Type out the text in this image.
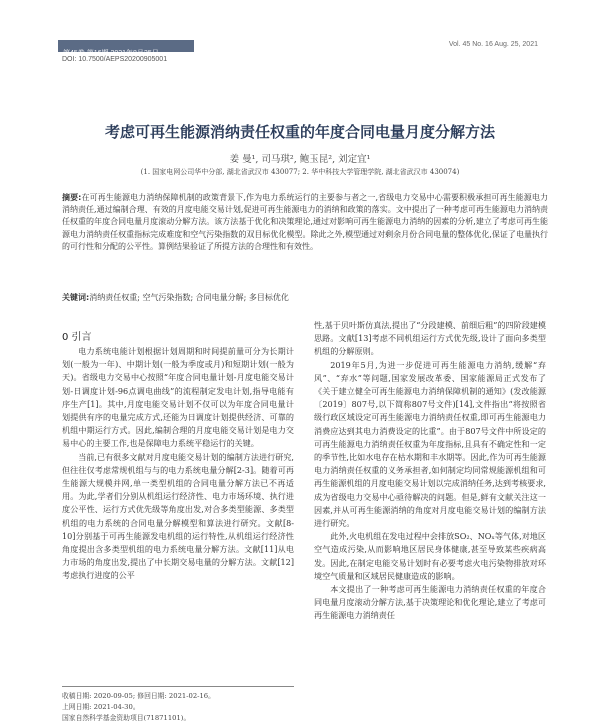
第45卷 第16期 2021年8月25日
Vol. 45 No. 16 Aug. 25, 2021
DOI: 10.7500/AEPS20200905001
考虑可再生能源消纳责任权重的年度合同电量月度分解方法
姜 曼¹, 司马琪², 鲍玉昆², 刘定宜¹
(1. 国家电网公司华中分部, 湖北省武汉市 430077; 2. 华中科技大学管理学院, 湖北省武汉市 430074)
摘要:在可再生能源电力消纳保障机制的政策背景下,作为电力系统运行的主要参与者之一,省级电力交易中心需要积极承担可再生能源电力消纳责任,通过编制合理、有效的月度电能交易计划,促进可再生能源电力的消纳和政策的落实。文中提出了一种考虑可再生能源电力消纳责任权重的年度合同电量月度滚动分解方法。该方法基于优化和决策理论,通过对影响可再生能源电力消纳的因素的分析,建立了考虑可再生能源电力消纳责任权重指标完成难度和空气污染指数的双目标优化模型。除此之外,模型通过对剩余月份合同电量的整体优化,保证了电量执行的可行性和分配的公平性。算例结果验证了所提方法的合理性和有效性。
关键词:消纳责任权重; 空气污染指数; 合同电量分解; 多目标优化
0 引言

电力系统电能计划根据计划周期和时间提前量可分为长期计划(一般为一年)、中期计划(一般为季度或月)和短期计划(一般为天)。省级电力交易中心按照“年度合同电量计划-月度电能交易计划-日调度计划-96点调电曲线”的流程制定发电计划,指导电能有序生产[1]。其中,月度电能交易计划不仅可以为年度合同电量计划提供有序的电量完成方式,还能为日调度计划提供经济、可靠的机组中期运行方式。因此,编制合理的月度电能交易计划是电力交易中心的主要工作,也是保障电力系统平稳运行的关键。

当前,已有很多文献对月度电能交易计划的编制方法进行研究,但往往仅考虑常规机组与与的电力系统电量分解[2-3]。随着可再生能源大规模并网,单一类型机组的合同电量分解方法已不再适用。为此,学者们分别从机组运行经济性、电力市场环境、执行进度公平性、运行方式优先级等角度出发,对合多类型能源、多类型机组的电力系统的合同电量分解模型和算法进行研究。文献[8-10]分别基于可再生能源发电机组的运行特性,从机组运行经济性角度提出含多类型机组的电力系统电量分解方法。文献[11]从电力市场的角度出发,提出了中长期交易电量的分解方法。文献[12]考虑执行进度的公平

性,基于贝叶斯仿真法,提出了“分段建模、前细后粗”的四阶段建模思路。文献[13]考虑不同机组运行方式优先级,设计了面向多类型机组的分解原则。

2019年5月,为进一步促进可再生能源电力消纳,缓解“弃风”、“弃水”等问题,国家发展改革委、国家能源局正式发布了《关于建立健全可再生能源电力消纳保障机制的通知》(发改能源〔2019〕807号,以下简称807号文件)[14],文件指出“将按照省级行政区域设定可再生能源电力消纳责任权重,即可再生能源电力消费应达到其电力消费设定的比重”。由于807号文件中所设定的可再生能源电力消纳责任权重为年度指标,且具有不确定性和一定的季节性,比如水电存在枯水期和丰水期等。因此,作为可再生能源电力消纳责任权重的义务承担者,如何制定均同常规能源机组和可再生能源机组的月度电能交易计划以完成消纳任务,达到考核要求,成为省级电力交易中心亟待解决的问题。但是,鲜有文献关注这一因素,并从可再生能源消纳的角度对月度电能交易计划的编制方法进行研究。

此外,火电机组在发电过程中会排放SO₂、NOₓ等气体,对地区空气造成污染,从而影响地区居民身体健康,甚至导致某些疾病高发。因此,在制定电能交易计划时有必要考虑火电污染物排放对环境空气质量和区域居民健康造成的影响。

本文提出了一种考虑可再生能源电力消纳责任权重的年度合同电量月度滚动分解方法,基于决策理论和优化理论,建立了考虑可再生能源电力消纳责任

收稿日期: 2020-09-05; 修回日期: 2021-02-16。
上网日期: 2021-04-30。
国家自然科学基金资助项目(71871101)。
